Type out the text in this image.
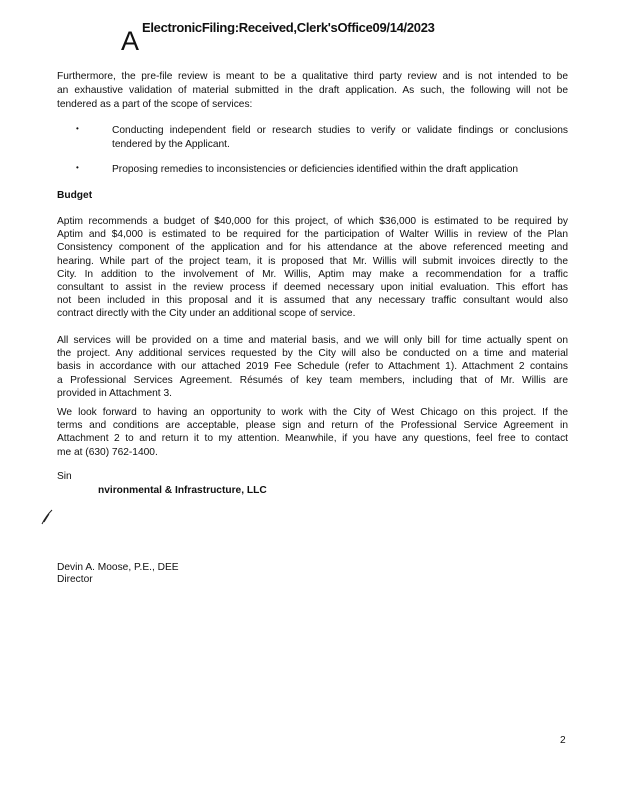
A ElectronicFiling:Received,Clerk'sOffice09/14/2023
Furthermore, the pre-file review is meant to be a qualitative third party review and is not intended to be
an exhaustive validation of material submitted in the draft application. As such, the following will not be
tendered as a part of the scope of services:
•	Conducting independent field or research studies to verify or validate findings or conclusions
tendered by the Applicant.
•	Proposing remedies to inconsistencies or deficiencies identified within the draft application
Budget
Aptim recommends a budget of $40,000 for this project, of which $36,000 is estimated to be required by
Aptim and $4,000 is estimated to be required for the participation of Walter Willis in review of the Plan
Consistency component of the application and for his attendance at the above referenced meeting and
hearing. While part of the project team, it is proposed that Mr. Willis will submit invoices directly to the
City. In addition to the involvement of Mr. Willis, Aptim may make a recommendation for a traffic
consultant to assist in the review process if deemed necessary upon initial evaluation. This effort has
not been included in this proposal and it is assumed that any necessary traffic consultant would also
contract directly with the City under an additional scope of service.
All services will be provided on a time and material basis, and we will only bill for time actually spent on
the project. Any additional services requested by the City will also be conducted on a time and material
basis in accordance with our attached 2019 Fee Schedule (refer to Attachment 1). Attachment 2 contains
a Professional Services Agreement. Résumés of key team members, including that of Mr. Willis are
provided in Attachment 3.
We look forward to having an opportunity to work with the City of West Chicago on this project. If the
terms and conditions are acceptable, please sign and return of the Professional Service Agreement in
Attachment 2 to and return it to my attention. Meanwhile, if you have any questions, feel free to contact
me at (630) 762-1400.
Sin
nvironmental & Infrastructure, LLC
Devin A. Moose, P.E., DEE
Director
2
